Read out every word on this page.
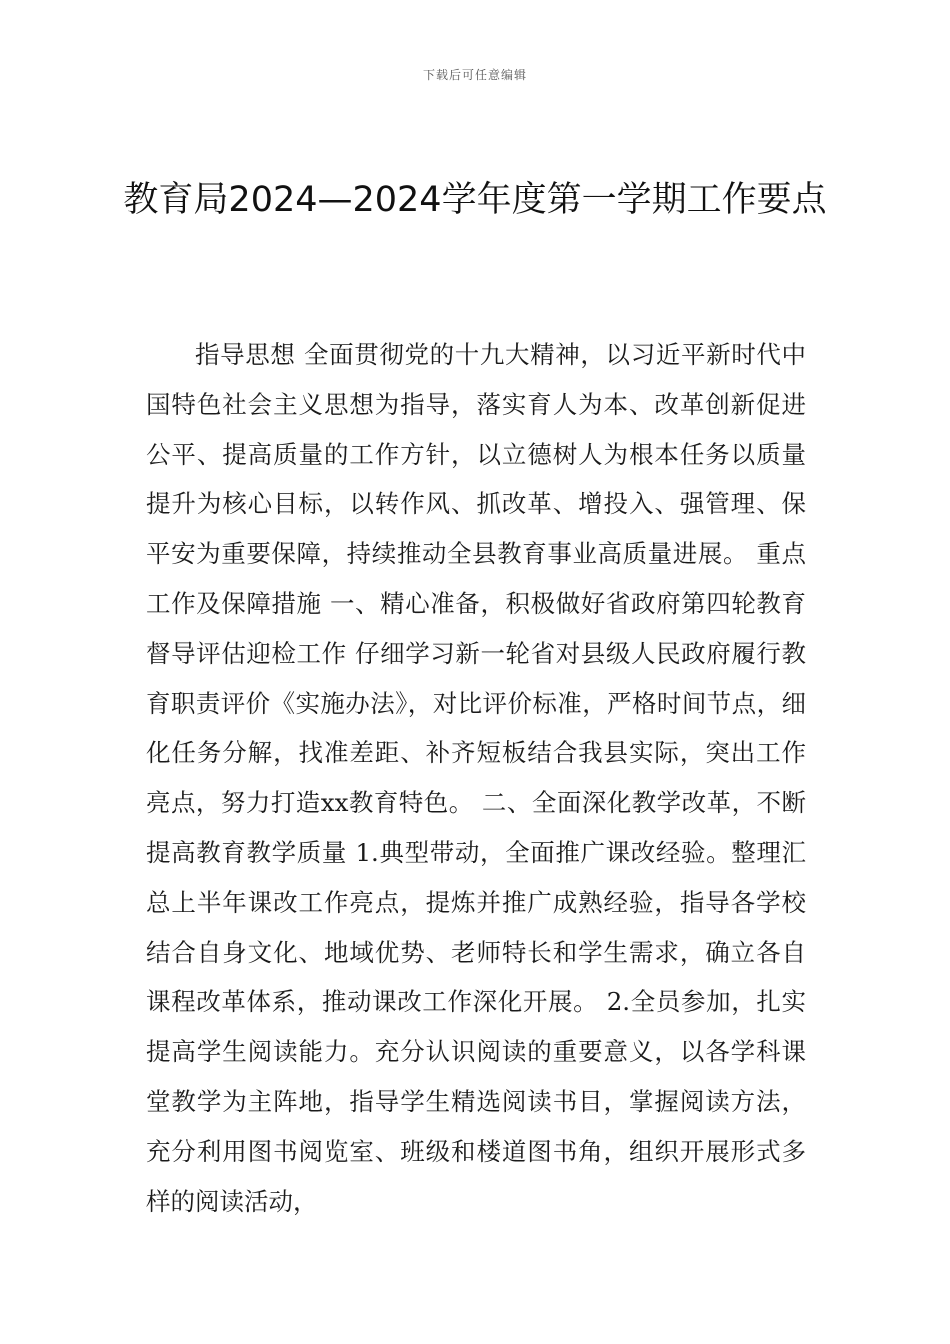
下载后可任意编辑
教育局2024—2024学年度第一学期工作要点

指导思想 全面贯彻党的十九大精神，以习近平新时代中国特色社会主义思想为指导，落实育人为本、改革创新促进公平、提高质量的工作方针，以立德树人为根本任务以质量提升为核心目标，以转作风、抓改革、增投入、强管理、保平安为重要保障，持续推动全县教育事业高质量进展。 重点工作及保障措施 一、精心准备，积极做好省政府第四轮教育督导评估迎检工作 仔细学习新一轮省对县级人民政府履行教育职责评价《实施办法》，对比评价标准，严格时间节点，细化任务分解，找准差距、补齐短板结合我县实际，突出工作亮点，努力打造xx教育特色。 二、全面深化教学改革，不断提高教育教学质量 1.典型带动，全面推广课改经验。整理汇总上半年课改工作亮点，提炼并推广成熟经验，指导各学校结合自身文化、地域优势、老师特长和学生需求，确立各自课程改革体系，推动课改工作深化开展。 2.全员参加，扎实提高学生阅读能力。充分认识阅读的重要意义，以各学科课堂教学为主阵地，指导学生精选阅读书目，掌握阅读方法，充分利用图书阅览室、班级和楼道图书角，组织开展形式多样的阅读活动，
